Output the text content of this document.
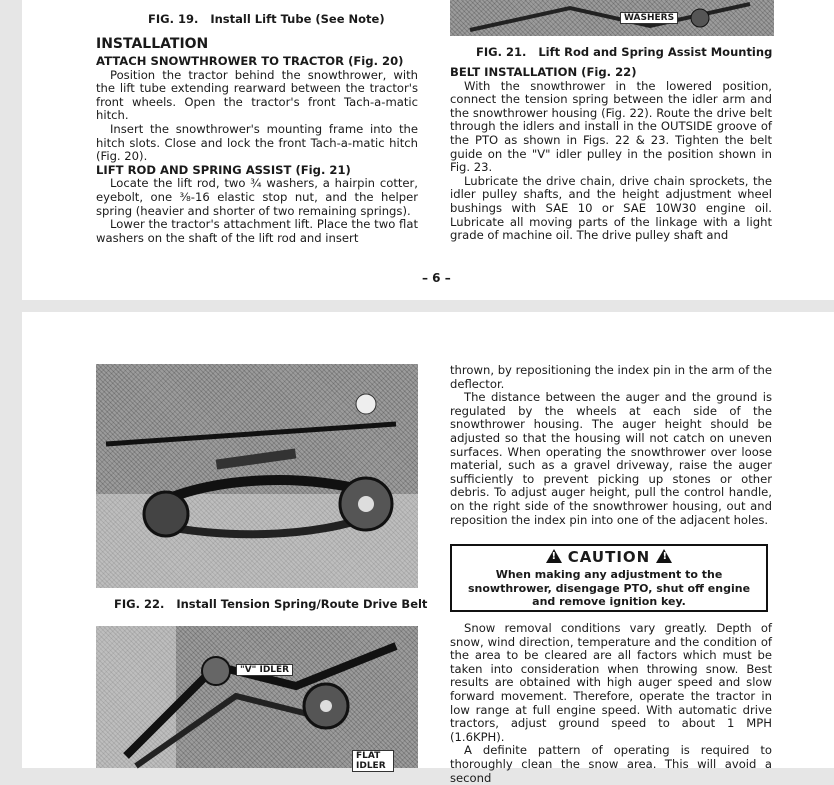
FIG. 19. Install Lift Tube (See Note)
INSTALLATION

ATTACH SNOWTHROWER TO TRACTOR (Fig. 20)

Position the tractor behind the snowthrower, with the lift tube extending rearward between the tractor's front wheels. Open the tractor's front Tach-a-matic hitch.

Insert the snowthrower's mounting frame into the hitch slots. Close and lock the front Tach-a-matic hitch (Fig. 20).

LIFT ROD AND SPRING ASSIST (Fig. 21)

Locate the lift rod, two ¾ washers, a hairpin cotter, eyebolt, one ⅜-16 elastic stop nut, and the helper spring (heavier and shorter of two remaining springs).

Lower the tractor's attachment lift. Place the two flat washers on the shaft of the lift rod and insert

WASHERS
FIG. 21. Lift Rod and Spring Assist Mounting

BELT INSTALLATION (Fig. 22)

With the snowthrower in the lowered position, connect the tension spring between the idler arm and the snowthrower housing (Fig. 22). Route the drive belt through the idlers and install in the OUTSIDE groove of the PTO as shown in Figs. 22 & 23. Tighten the belt guide on the "V" idler pulley in the position shown in Fig. 23.

Lubricate the drive chain, drive chain sprockets, the idler pulley shafts, and the height adjustment wheel bushings with SAE 10 or SAE 10W30 engine oil. Lubricate all moving parts of the linkage with a light grade of machine oil. The drive pulley shaft and

– 6 –
FIG. 22. Install Tension Spring/Route Drive Belt
"V" IDLER
FLAT IDLER

thrown, by repositioning the index pin in the arm of the deflector.

The distance between the auger and the ground is regulated by the wheels at each side of the snowthrower housing. The auger height should be adjusted so that the housing will not catch on uneven surfaces. When operating the snowthrower over loose material, such as a gravel driveway, raise the auger sufficiently to prevent picking up stones or other debris. To adjust auger height, pull the control handle, on the right side of the snowthrower housing, out and reposition the index pin into one of the adjacent holes.

! CAUTION !
When making any adjustment to the snowthrower, disengage PTO, shut off engine and remove ignition key.

Snow removal conditions vary greatly. Depth of snow, wind direction, temperature and the condition of the area to be cleared are all factors which must be taken into consideration when throwing snow. Best results are obtained with high auger speed and slow forward movement. Therefore, operate the tractor in low range at full engine speed. With automatic drive tractors, adjust ground speed to about 1 MPH (1.6KPH).

A definite pattern of operating is required to thoroughly clean the snow area. This will avoid a second
